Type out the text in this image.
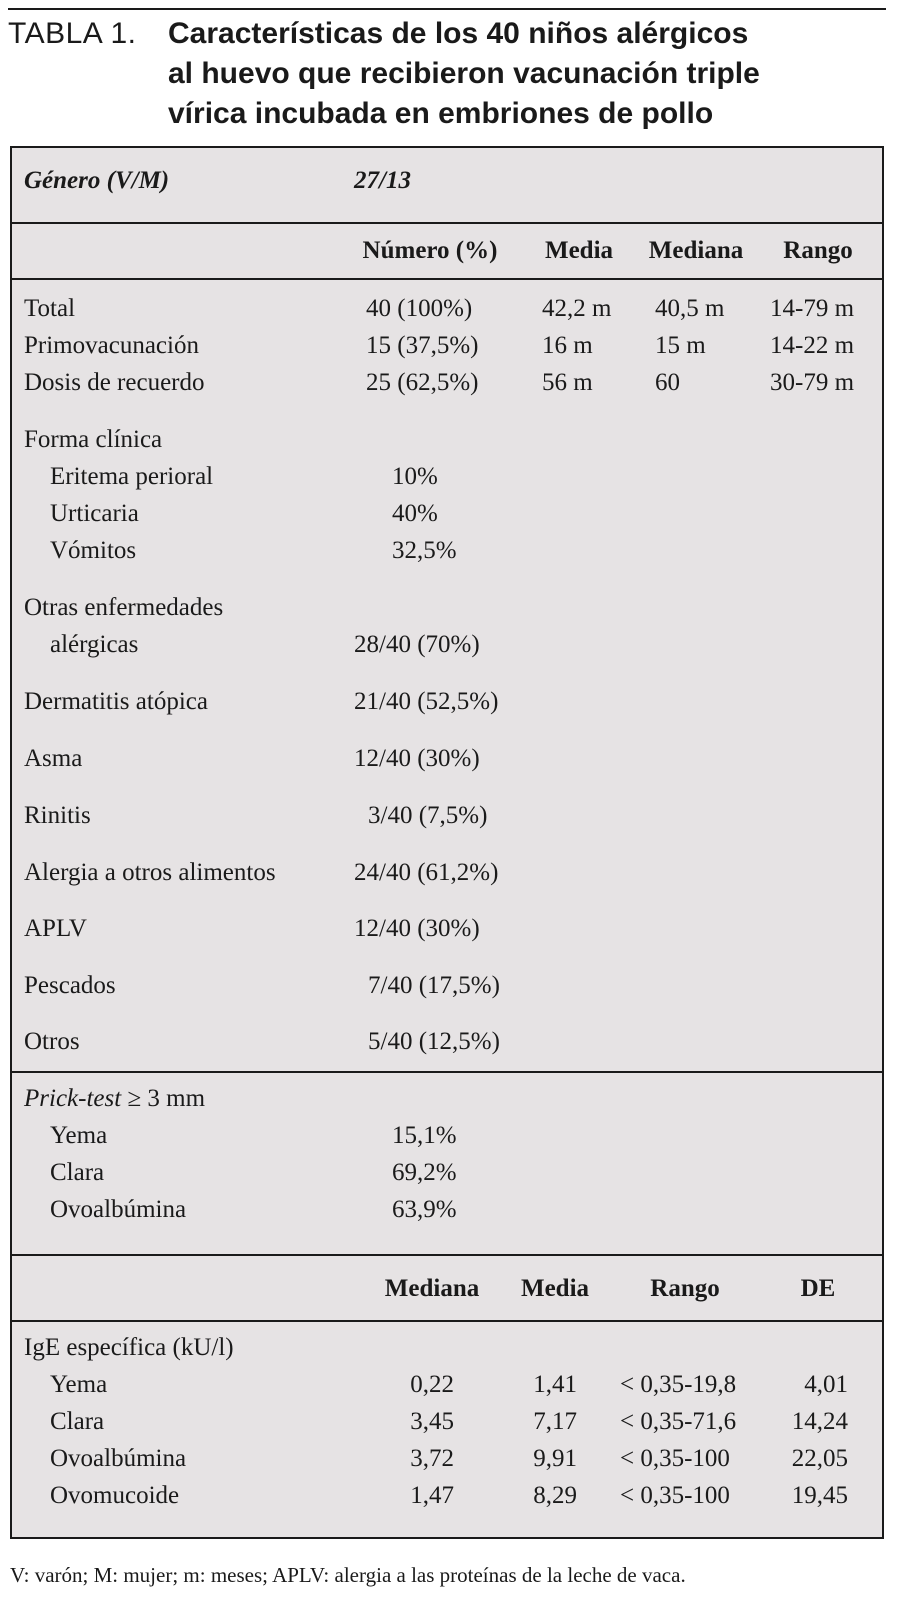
TABLA 1. Características de los 40 niños alérgicos
al huevo que recibieron vacunación triple
vírica incubada en embriones de pollo
Género (V/M)	27/13
Número (%) Media Mediana Rango
Total	40 (100%)	42,2 m 40,5 m 14-79 m
Primovacunación	15 (37,5%)	16 m 15 m	14-22 m
Dosis de recuerdo	25 (62,5%)	56 m 60	30-79 m
Forma clínica
Eritema perioral	10%
Urticaria	40%
Vómitos	32,5%
Otras enfermedades
alérgicas	28/40 (70%)
Dermatitis atópica	21/40 (52,5%)
Asma	12/40 (30%)
Rinitis	3/40 (7,5%)
Alergia a otros alimentos	24/40 (61,2%)
APLV	12/40 (30%)
Pescados	7/40 (17,5%)
Otros	5/40 (12,5%)
Prick-test ≥ 3 mm
Yema	15,1%
Clara	69,2%
Ovoalbúmina	63,9%
Mediana Media Rango	DE
IgE específica (kU/l)
Yema	0,22	1,41 < 0,35-19,8	4,01
Clara	3,45	7,17 < 0,35-71,6 14,24
Ovoalbúmina	3,72	9,91 < 0,35-100 22,05
Ovomucoide	1,47	8,29 < 0,35-100 19,45
V: varón; M: mujer; m: meses; APLV: alergia a las proteínas de la leche de vaca.
